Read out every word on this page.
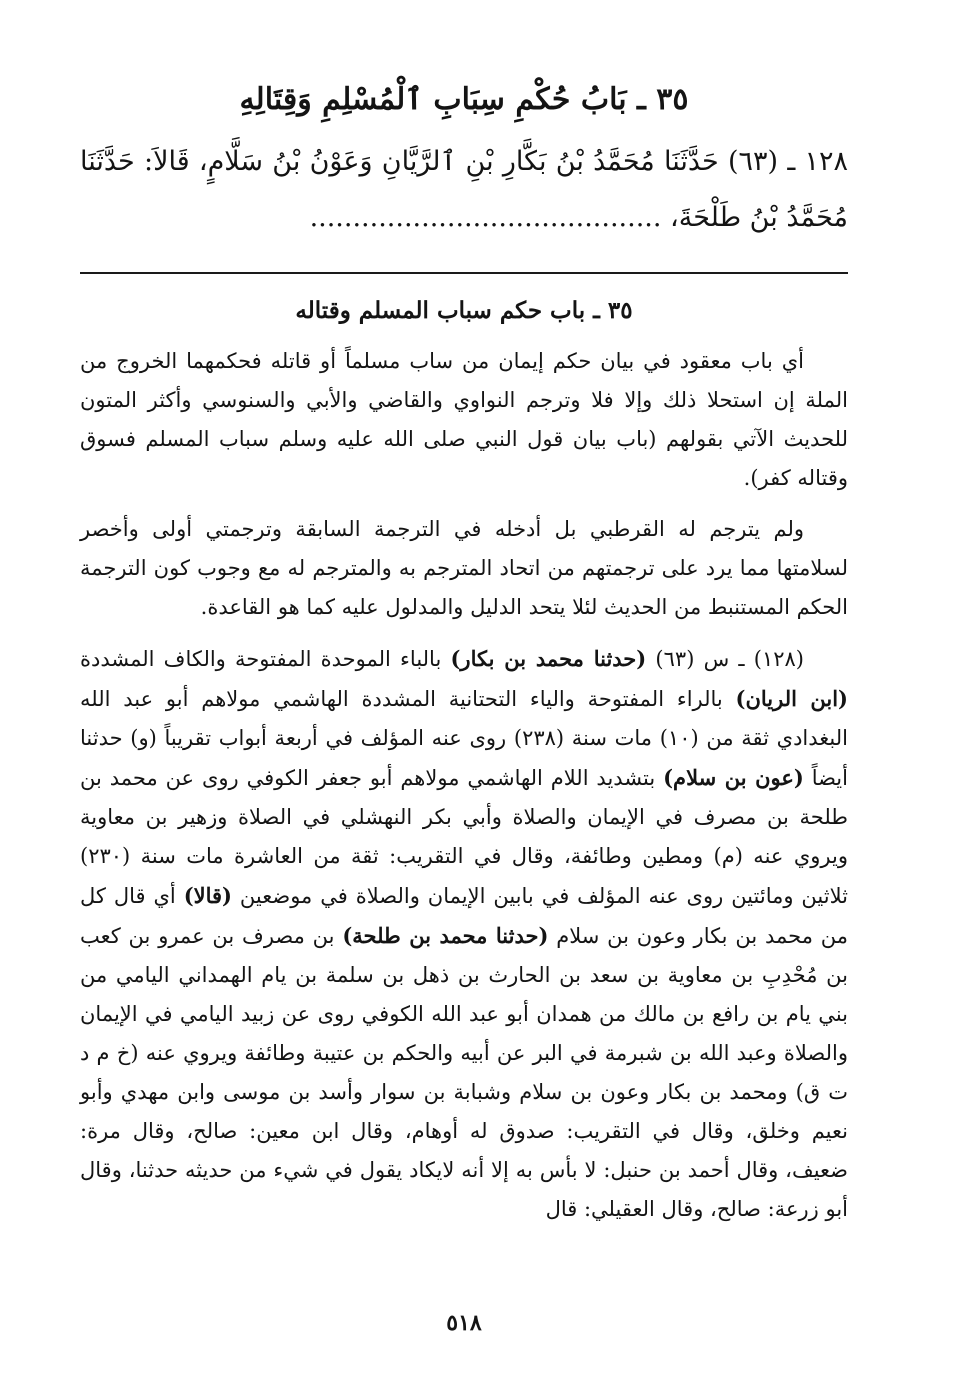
٣٥ ـ بَابُ حُكْمِ سِبَابِ ٱلْمُسْلِمِ وَقِتَالِهِ

١٢٨ ـ (٦٣) حَدَّثَنَا مُحَمَّدُ بْنُ بَكَّارِ بْنِ ٱلرَّيَّانِ وَعَوْنُ بْنُ سَلَّامٍ، قَالاَ: حَدَّثَنَا مُحَمَّدُ بْنُ طَلْحَةَ، .........................................

٣٥ ـ باب حكم سباب المسلم وقتاله

أي باب معقود في بيان حكم إيمان من ساب مسلماً أو قاتله فحكمهما الخروج من الملة إن استحلا ذلك وإلا فلا وترجم النواوي والقاضي والأبي والسنوسي وأكثر المتون للحديث الآتي بقولهم (باب بيان قول النبي صلى الله عليه وسلم سباب المسلم فسوق وقتاله كفر).

ولم يترجم له القرطبي بل أدخله في الترجمة السابقة وترجمتي أولى وأخصر لسلامتها مما يرد على ترجمتهم من اتحاد المترجم به والمترجم له مع وجوب كون الترجمة الحكم المستنبط من الحديث لئلا يتحد الدليل والمدلول عليه كما هو القاعدة.

(١٢٨) ـ س (٦٣) (حدثنا محمد بن بكار) بالباء الموحدة المفتوحة والكاف المشددة (ابن الريان) بالراء المفتوحة والياء التحتانية المشددة الهاشمي مولاهم أبو عبد الله البغدادي ثقة من (١٠) مات سنة (٢٣٨) روى عنه المؤلف في أربعة أبواب تقريباً (و) حدثنا أيضاً (عون بن سلام) بتشديد اللام الهاشمي مولاهم أبو جعفر الكوفي روى عن محمد بن طلحة بن مصرف في الإيمان والصلاة وأبي بكر النهشلي في الصلاة وزهير بن معاوية ويروي عنه (م) ومطين وطائفة، وقال في التقريب: ثقة من العاشرة مات سنة (٢٣٠) ثلاثين ومائتين روى عنه المؤلف في بابين الإيمان والصلاة في موضعين (قالا) أي قال كل من محمد بن بكار وعون بن سلام (حدثنا محمد بن طلحة) بن مصرف بن عمرو بن كعب بن مُحْدِبِ بن معاوية بن سعد بن الحارث بن ذهل بن سلمة بن يام الهمداني اليامي من بني يام بن رافع بن مالك من همدان أبو عبد الله الكوفي روى عن زبيد اليامي في الإيمان والصلاة وعبد الله بن شبرمة في البر عن أبيه والحكم بن عتيبة وطائفة ويروي عنه (خ م د ت ق) ومحمد بن بكار وعون بن سلام وشبابة بن سوار وأسد بن موسى وابن مهدي وأبو نعيم وخلق، وقال في التقريب: صدوق له أوهام، وقال ابن معين: صالح، وقال مرة: ضعيف، وقال أحمد بن حنبل: لا بأس به إلا أنه لايكاد يقول في شيء من حديثه حدثنا، وقال أبو زرعة: صالح، وقال العقيلي: قال

٥١٨
